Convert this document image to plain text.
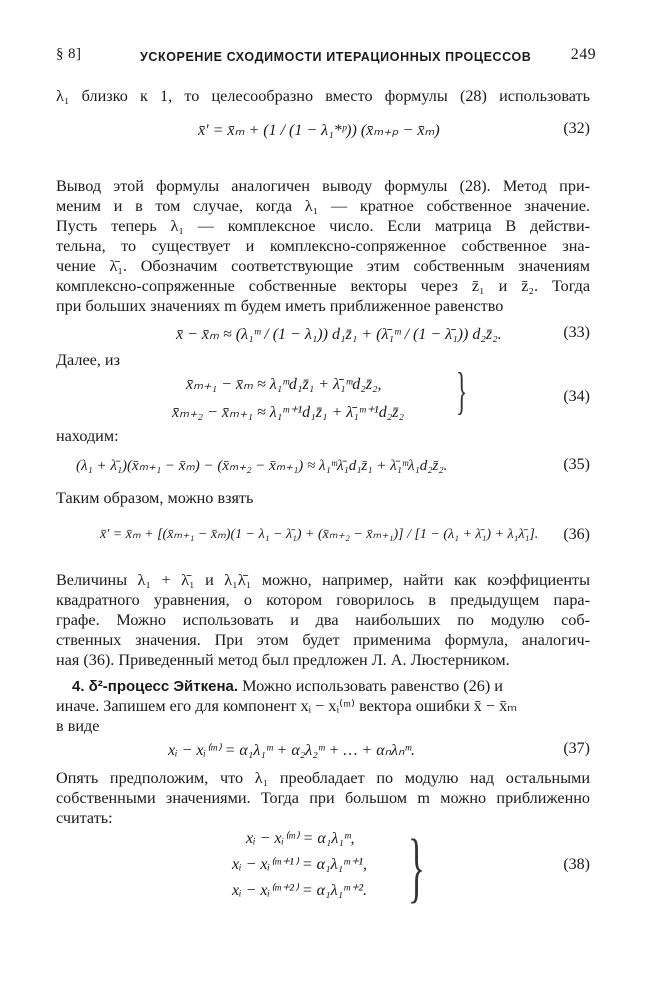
§ 8]	УСКОРЕНИЕ СХОДИМОСТИ ИТЕРАЦИОННЫХ ПРОЦЕССОВ 249
λ₁ близко к 1, то целесообразно вместо формулы (28) использовать
x̄′ = x̄ₘ + (1 / (1 − λ₁*ᵖ)) (x̄ₘ₊ₚ − x̄ₘ)	(32)
Вывод этой формулы аналогичен выводу формулы (28). Метод при-
меним и в том случае, когда λ₁ — кратное собственное значение.
Пусть теперь λ₁ — комплексное число. Если матрица B действи-
тельна, то существует и комплексно-сопряженное собственное зна-
чение λ̄₁. Обозначим соответствующие этим собственным значениям
комплексно-сопряженные собственные векторы через z̄₁ и z̄₂. Тогда
при больших значениях m будем иметь приближенное равенство
x̄ − x̄ₘ ≈ (λ₁ᵐ / (1 − λ₁)) d₁z̄₁ + (λ̄₁ᵐ / (1 − λ̄₁)) d₂z̄₂.	(33)
Далее, из
x̄ₘ₊₁ − x̄ₘ ≈ λ₁ᵐd₁z̄₁ + λ̄₁ᵐd₂z̄₂,
x̄ₘ₊₂ − x̄ₘ₊₁ ≈ λ₁ᵐ⁺¹d₁z̄₁ + λ̄₁ᵐ⁺¹d₂z̄₂ }	(34)
находим:
(λ₁ + λ̄₁)(x̄ₘ₊₁ − x̄ₘ) − (x̄ₘ₊₂ − x̄ₘ₊₁) ≈ λ₁ᵐλ̄₁d₁z̄₁ + λ̄₁ᵐλ₁d₂z̄₂.	(35)
Таким образом, можно взять
x̄′ = x̄ₘ + [(x̄ₘ₊₁ − x̄ₘ)(1 − λ₁ − λ̄₁) + (x̄ₘ₊₂ − x̄ₘ₊₁)] / [1 − (λ₁ + λ̄₁) + λ₁λ̄₁]. (36)
Величины λ₁ + λ̄₁ и λ₁λ̄₁ можно, например, найти как коэффициенты
квадратного уравнения, о котором говорилось в предыдущем пара-
графе. Можно использовать и два наибольших по модулю соб-
ственных значения. При этом будет применима формула, аналогич-
ная (36). Приведенный метод был предложен Л. А. Люстерником.
4. δ²-процесс Эйткена. Можно использовать равенство (26) и
иначе. Запишем его для компонент xᵢ − xᵢ⁽ᵐ⁾ вектора ошибки x̄ − x̄ₘ
в виде
xᵢ − xᵢ⁽ᵐ⁾ = α₁λ₁ᵐ + α₂λ₂ᵐ + … + αₙλₙᵐ.	(37)
Опять предположим, что λ₁ преобладает по модулю над остальными
собственными значениями. Тогда при большом m можно приближенно
считать:
xᵢ − xᵢ⁽ᵐ⁾ = α₁λ₁ᵐ,
xᵢ − xᵢ⁽ᵐ⁺¹⁾ = α₁λ₁ᵐ⁺¹,
xᵢ − xᵢ⁽ᵐ⁺²⁾ = α₁λ₁ᵐ⁺². }	(38)
